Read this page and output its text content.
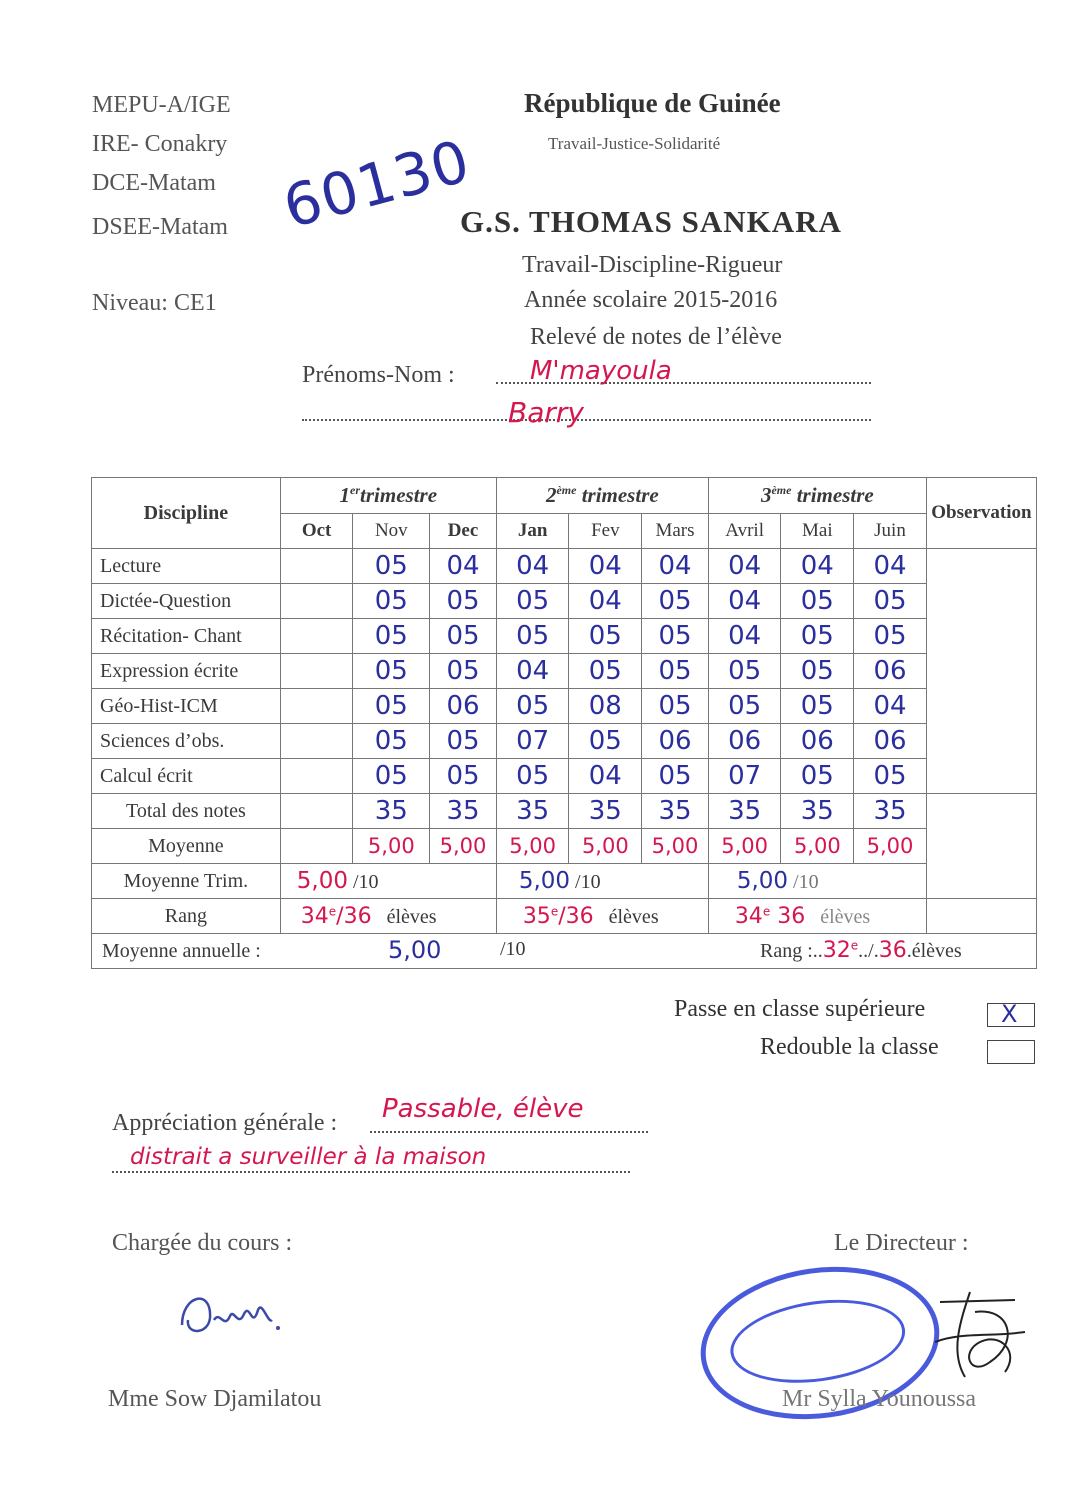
MEPU-A/IGE
IRE- Conakry
DCE-Matam
DSEE-Matam
Niveau: CE1
60130
République de Guinée
Travail-Justice-Solidarité
G.S. THOMAS SANKARA
Travail-Discipline-Rigueur
Année scolaire 2015-2016
Relevé de notes de l’élève
Prénoms-Nom :	M'mayoula
Barry
Discipline	1ertrimestre			2ème trimestre			3ème trimestre			Observation
	Oct	Nov	Dec	Jan	Fev	Mars	Avril	Mai	Juin	
Lecture		05	04	04	04	04	04	04	04	
Dictée-Question		05	05	05	04	05	04	05	05	
Récitation- Chant		05	05	05	05	05	04	05	05	
Expression écrite		05	05	04	05	05	05	05	06	
Géo-Hist-ICM		05	06	05	08	05	05	05	04	
Sciences d’obs.		05	05	07	05	06	06	06	06	
Calcul écrit		05	05	05	04	05	07	05	05	
Total des notes		35	35	35	35	35	35	35	35	
Moyenne		5,00	5,00	5,00	5,00	5,00	5,00	5,00	5,00	
Moyenne Trim.	5,00 /10			5,00 /10			5,00 /10			
Rang	34e/36 élèves			35e/36 élèves			34e 36 élèves			
Moyenne annuelle : 5,00 /10 Rang :..32e../.36.élèves										
Passe en classe supérieure	X
Redouble la classe
Appréciation générale : Passable, élève
distrait a surveiller à la maison
Chargée du cours :
Mme Sow Djamilatou
Le Directeur :
Mr Sylla Younoussa
